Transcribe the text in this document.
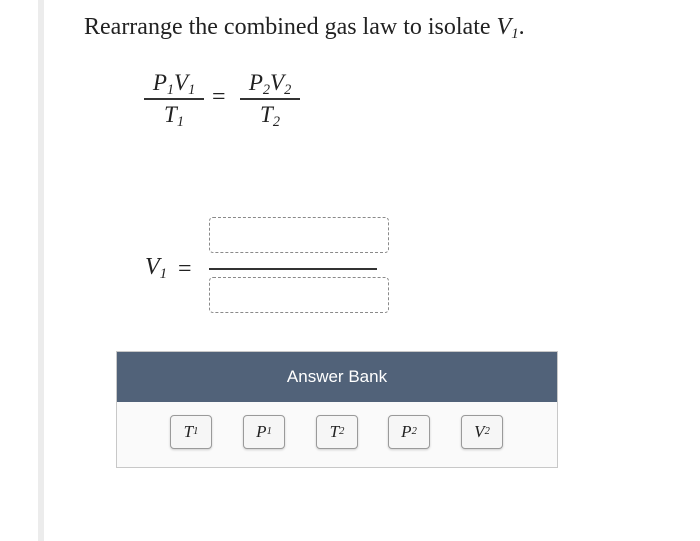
Rearrange the combined gas law to isolate $V_1$.
$P_1V_1$
$T_1$
=
$P_2V_2$
$T_2$
$V_1$ =
Answer Bank
T 1	P 1	T 2	P 2	V 2
